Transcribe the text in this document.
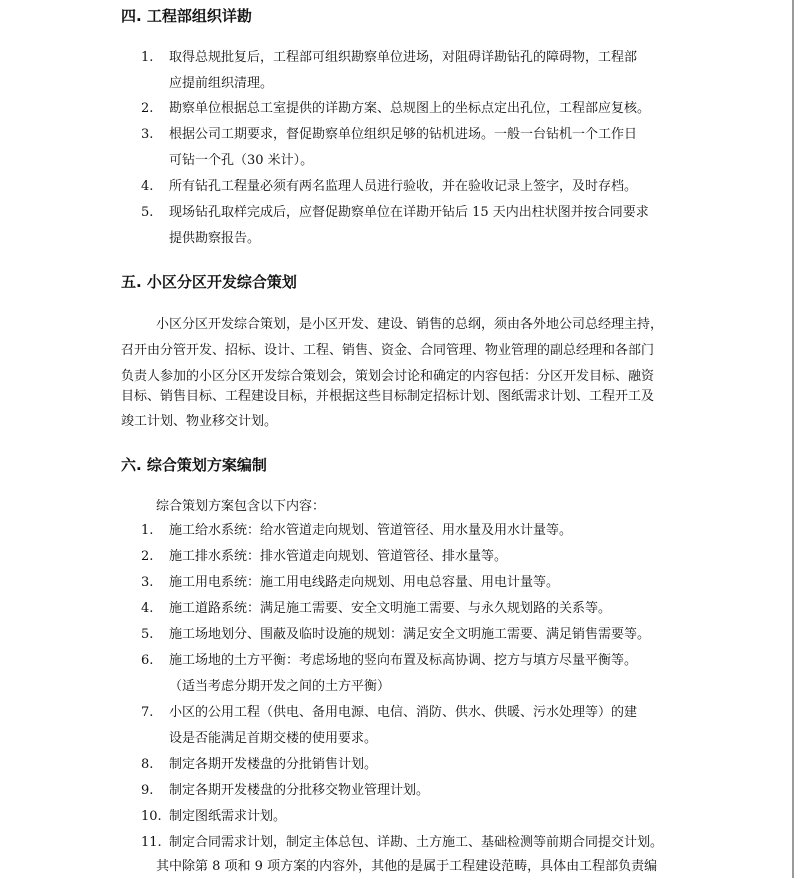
四. 工程部组织详勘
1.	取得总规批复后，工程部可组织勘察单位进场，对阻碍详勘钻孔的障碍物，工程部
应提前组织清理。
2.	勘察单位根据总工室提供的详勘方案、总规图上的坐标点定出孔位，工程部应复核。
3.	根据公司工期要求，督促勘察单位组织足够的钻机进场。一般一台钻机一个工作日
可钻一个孔（30 米计）。
4.	所有钻孔工程量必须有两名监理人员进行验收，并在验收记录上签字，及时存档。
5.	现场钻孔取样完成后，应督促勘察单位在详勘开钻后 15 天内出柱状图并按合同要求
提供勘察报告。
五. 小区分区开发综合策划
小区分区开发综合策划，是小区开发、建设、销售的总纲，须由各外地公司总经理主持，
召开由分管开发、招标、设计、工程、销售、资金、合同管理、物业管理的副总经理和各部门
负责人参加的小区分区开发综合策划会，策划会讨论和确定的内容包括：分区开发目标、融资
目标、销售目标、工程建设目标，并根据这些目标制定招标计划、图纸需求计划、工程开工及
竣工计划、物业移交计划。
六. 综合策划方案编制
综合策划方案包含以下内容：
1.	施工给水系统：给水管道走向规划、管道管径、用水量及用水计量等。
2.	施工排水系统：排水管道走向规划、管道管径、排水量等。
3.	施工用电系统：施工用电线路走向规划、用电总容量、用电计量等。
4.	施工道路系统：满足施工需要、安全文明施工需要、与永久规划路的关系等。
5.	施工场地划分、围蔽及临时设施的规划：满足安全文明施工需要、满足销售需要等。
6.	施工场地的土方平衡：考虑场地的竖向布置及标高协调、挖方与填方尽量平衡等。
（适当考虑分期开发之间的土方平衡）
7.	小区的公用工程（供电、备用电源、电信、消防、供水、供暖、污水处理等）的建
设是否能满足首期交楼的使用要求。
8.	制定各期开发楼盘的分批销售计划。
9.	制定各期开发楼盘的分批移交物业管理计划。
10. 制定图纸需求计划。
11. 制定合同需求计划，制定主体总包、详勘、土方施工、基础检测等前期合同提交计划。
其中除第 8 项和 9 项方案的内容外，其他的是属于工程建设范畴，具体由工程部负责编
